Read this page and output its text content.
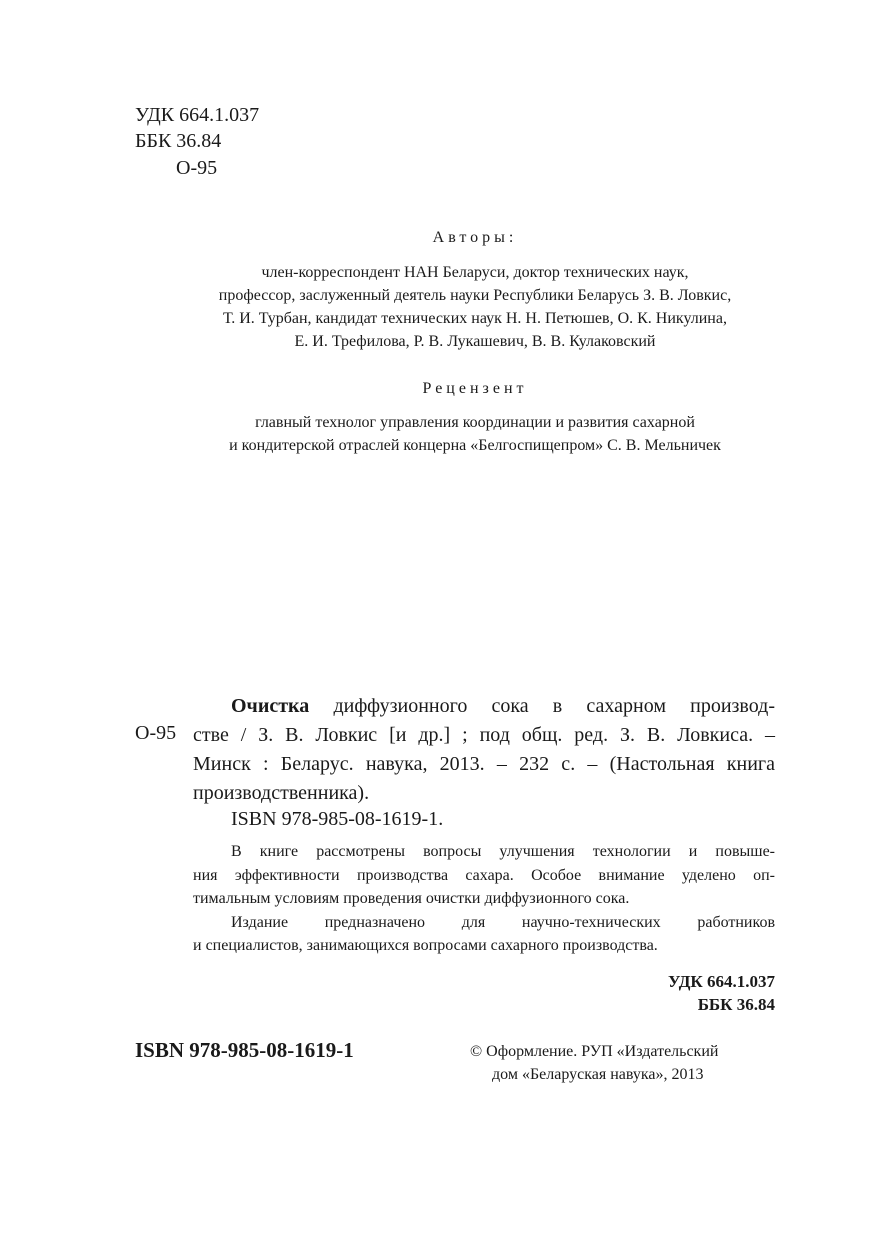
УДК 664.1.037
ББК 36.84
О-95
Авторы:
член-корреспондент НАН Беларуси, доктор технических наук,
профессор, заслуженный деятель науки Республики Беларусь З. В. Ловкис,
Т. И. Турбан, кандидат технических наук Н. Н. Петюшев, О. К. Никулина,
Е. И. Трефилова, Р. В. Лукашевич, В. В. Кулаковский
Рецензент
главный технолог управления координации и развития сахарной
и кондитерской отраслей концерна «Белгоспищепром» С. В. Мельничек
О-95
Очистка диффузионного сока в сахарном производ-
стве / З. В. Ловкис [и др.] ; под общ. ред. З. В. Ловкиса. –
Минск : Беларус. навука, 2013. – 232 с. – (Настольная книга
производственника).
ISBN 978-985-08-1619-1.
В книге рассмотрены вопросы улучшения технологии и повыше-
ния эффективности производства сахара. Особое внимание уделено оп-
тимальным условиям проведения очистки диффузионного сока.
Издание предназначено для научно-технических работников
и специалистов, занимающихся вопросами сахарного производства.
УДК 664.1.037
ББК 36.84
ISBN 978-985-08-1619-1	© Оформление. РУП «Издательский
дом «Беларуская навука», 2013
